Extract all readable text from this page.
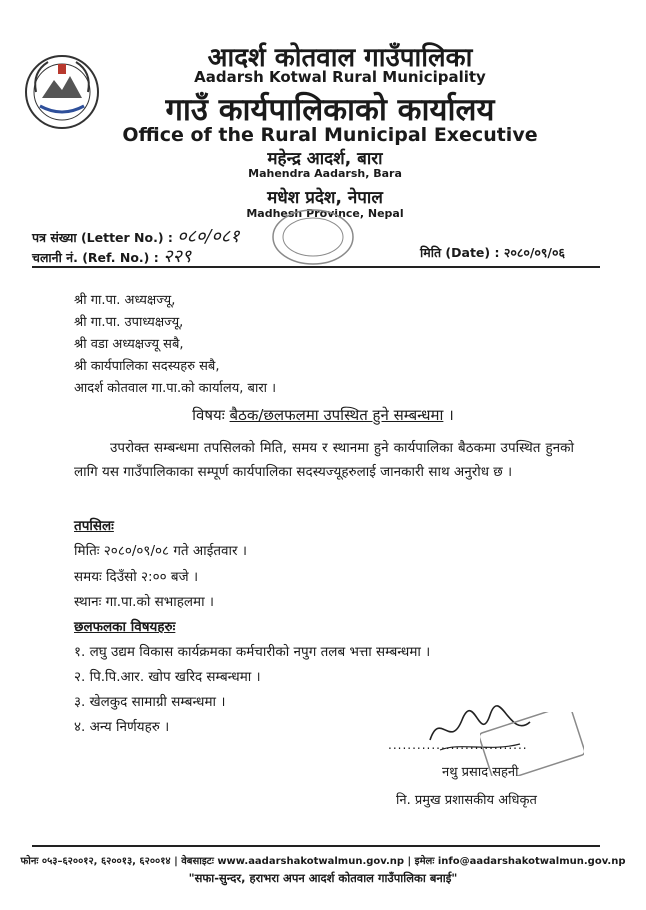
आदर्श कोतवाल गाउँपालिका
Aadarsh Kotwal Rural Municipality
गाउँ कार्यपालिकाको कार्यालय
Office of the Rural Municipal Executive
महेन्द्र आदर्श, बारा
Mahendra Aadarsh, Bara
मधेश प्रदेश, नेपाल
Madhesh Province, Nepal
पत्र संख्या (Letter No.) : ०८०/०८१
चलानी नं. (Ref. No.) : २२९	मिति (Date) : २०८०/०९/०६
श्री गा.पा. अध्यक्षज्यू,
श्री गा.पा. उपाध्यक्षज्यू,
श्री वडा अध्यक्षज्यू सबै,
श्री कार्यपालिका सदस्यहरु सबै,
आदर्श कोतवाल गा.पा.को कार्यालय, बारा ।
विषयः बैठक/छलफलमा उपस्थित हुने सम्बन्धमा ।
उपरोक्त सम्बन्धमा तपसिलको मिति, समय र स्थानमा हुने कार्यपालिका बैठकमा उपस्थित हुनको लागि यस गाउँपालिकाका सम्पूर्ण कार्यपालिका सदस्यज्यूहरुलाई जानकारी साथ अनुरोध छ ।
तपसिलः
मितिः २०८०/०९/०८ गते आईतवार ।
समयः दिउँसो २:०० बजे ।
स्थानः गा.पा.को सभाहलमा ।
छलफलका विषयहरुः
१. लघु उद्यम विकास कार्यक्रमका कर्मचारीको नपुग तलब भत्ता सम्बन्धमा ।
२. पि.पि.आर. खोप खरिद सम्बन्धमा ।
३. खेलकुद सामाग्री सम्बन्धमा ।
४. अन्य निर्णयहरु ।
.............................
नथु प्रसाद सहनी
नि. प्रमुख प्रशासकीय अधिकृत
फोनः ०५३–६२००१२, ६२००१३, ६२००१४ | वेबसाइटः www.aadarshakotwalmun.gov.np | इमेलः info@aadarshakotwalmun.gov.np
"सफा-सुन्दर, हराभरा अपन आदर्श कोतवाल गाउँपालिका बनाई"
